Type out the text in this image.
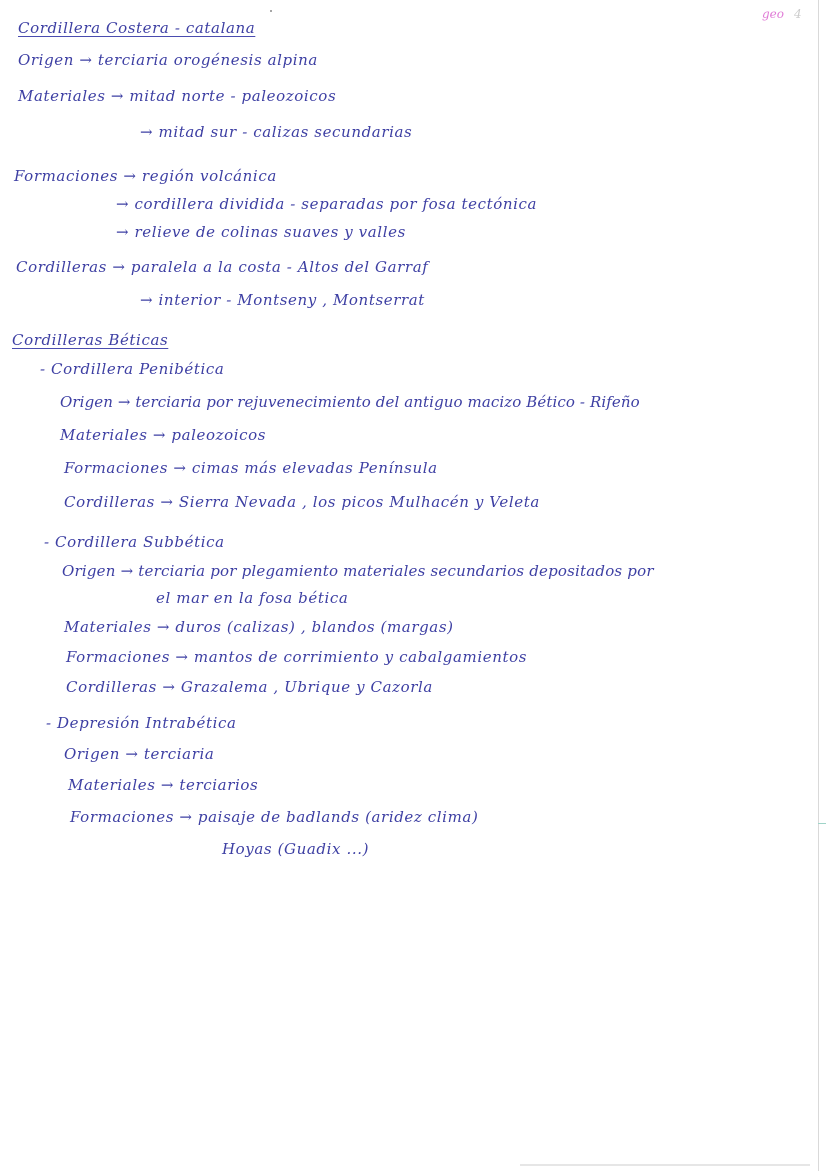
geo 4
Cordillera Costera - catalana
Origen → terciaria orogénesis alpina
Materiales → mitad norte - paleozoicos
→ mitad sur - calizas secundarias
Formaciones → región volcánica
→ cordillera dividida - separadas por fosa tectónica
→ relieve de colinas suaves y valles
Cordilleras → paralela a la costa - Altos del Garraf
→ interior - Montseny , Montserrat
Cordilleras Béticas
- Cordillera Penibética
Origen → terciaria por rejuvenecimiento del antiguo macizo Bético - Rifeño
Materiales → paleozoicos
Formaciones → cimas más elevadas Península
Cordilleras → Sierra Nevada , los picos Mulhacén y Veleta
- Cordillera Subbética
Origen → terciaria por plegamiento materiales secundarios depositados por
el mar en la fosa bética
Materiales → duros (calizas) , blandos (margas)
Formaciones → mantos de corrimiento y cabalgamientos
Cordilleras → Grazalema , Ubrique y Cazorla
- Depresión Intrabética
Origen → terciaria
Materiales → terciarios
Formaciones → paisaje de badlands (aridez clima)
Hoyas (Guadix ...)
